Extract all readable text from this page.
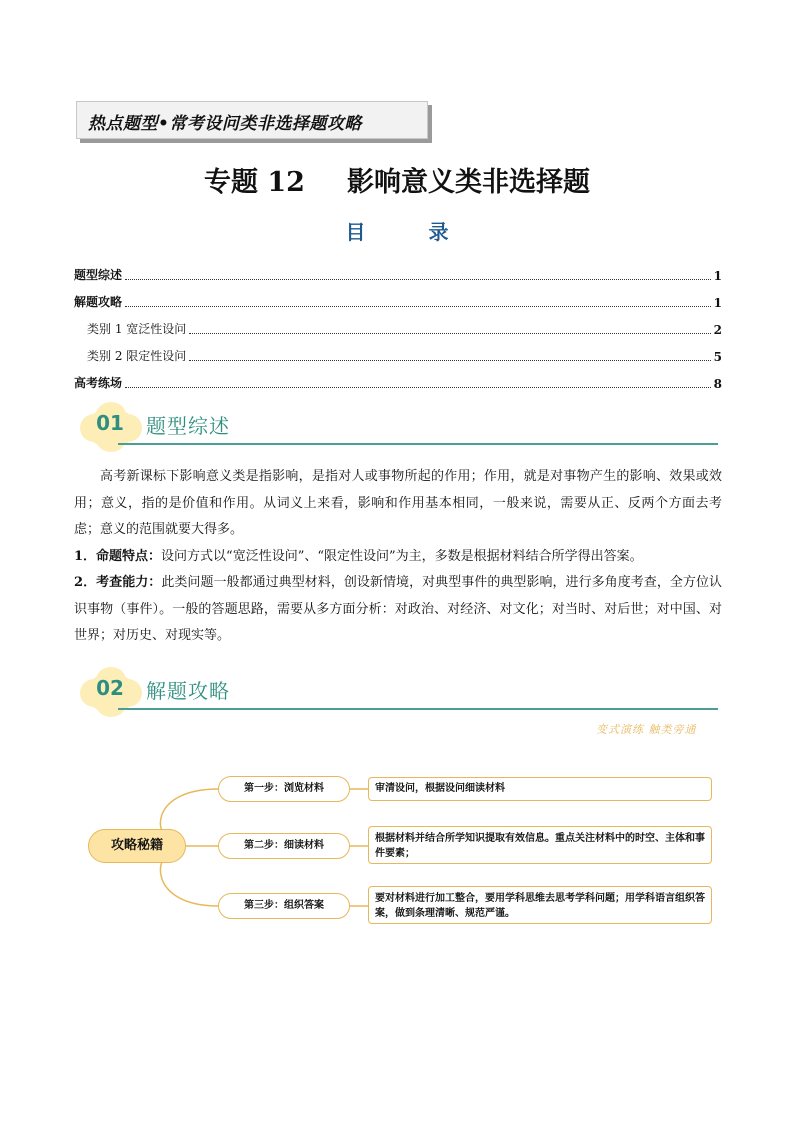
热点题型•常考设问类非选择题攻略
专题 12 影响意义类非选择题
目 录
题型综述	1
解题攻略	1
类别 1 宽泛性设问	2
类别 2 限定性设问	5
高考练场	8
01	题型综述

高考新课标下影响意义类是指影响，是指对人或事物所起的作用；作用，就是对事物产生的影响、效果或效用；意义，指的是价值和作用。从词义上来看，影响和作用基本相同，一般来说，需要从正、反两个方面去考虑；意义的范围就要大得多。

1．命题特点：设问方式以“宽泛性设问”、“限定性设问”为主，多数是根据材料结合所学得出答案。

2．考查能力：此类问题一般都通过典型材料，创设新情境，对典型事件的典型影响，进行多角度考查，全方位认识事物（事件）。一般的答题思路，需要从多方面分析：对政治、对经济、对文化；对当时、对后世；对中国、对世界；对历史、对现实等。

02	解题攻略
变式演练 触类旁通
攻略秘籍
第一步：浏览材料
第二步：细读材料
第三步：组织答案
审清设问，根据设问细读材料
根据材料并结合所学知识提取有效信息。重点关注材料中的时空、主体和事件要素；
要对材料进行加工整合，要用学科思维去思考学科问题；用学科语言组织答案，做到条理清晰、规范严谨。
